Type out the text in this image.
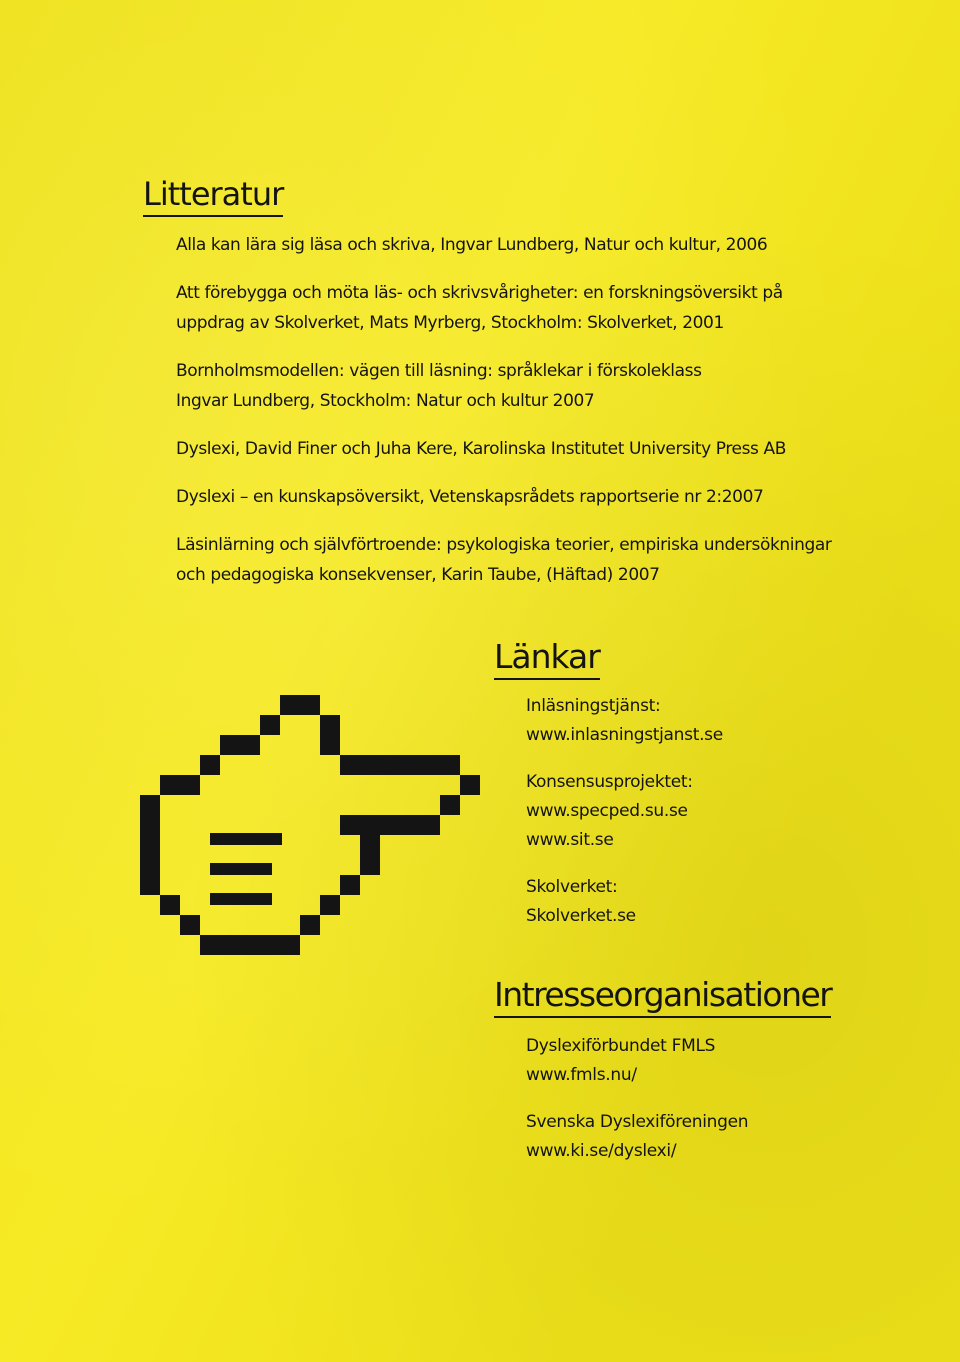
Litteratur
Alla kan lära sig läsa och skriva, Ingvar Lundberg, Natur och kultur, 2006
Att förebygga och möta läs- och skrivsvårigheter: en forskningsöversikt på
uppdrag av Skolverket, Mats Myrberg, Stockholm: Skolverket, 2001
Bornholmsmodellen: vägen till läsning: språklekar i förskoleklass
Ingvar Lundberg, Stockholm: Natur och kultur 2007
Dyslexi, David Finer och Juha Kere, Karolinska Institutet University Press AB
Dyslexi – en kunskapsöversikt, Vetenskapsrådets rapportserie nr 2:2007
Läsinlärning och självförtroende: psykologiska teorier, empiriska undersökningar
och pedagogiska konsekvenser, Karin Taube, (Häftad) 2007
Länkar
Inläsningstjänst:
www.inlasningstjanst.se
Konsensusprojektet:
www.specped.su.se
www.sit.se
Skolverket:
Skolverket.se
Intresseorganisationer
Dyslexiförbundet FMLS
www.fmls.nu/
Svenska Dyslexiföreningen
www.ki.se/dyslexi/
